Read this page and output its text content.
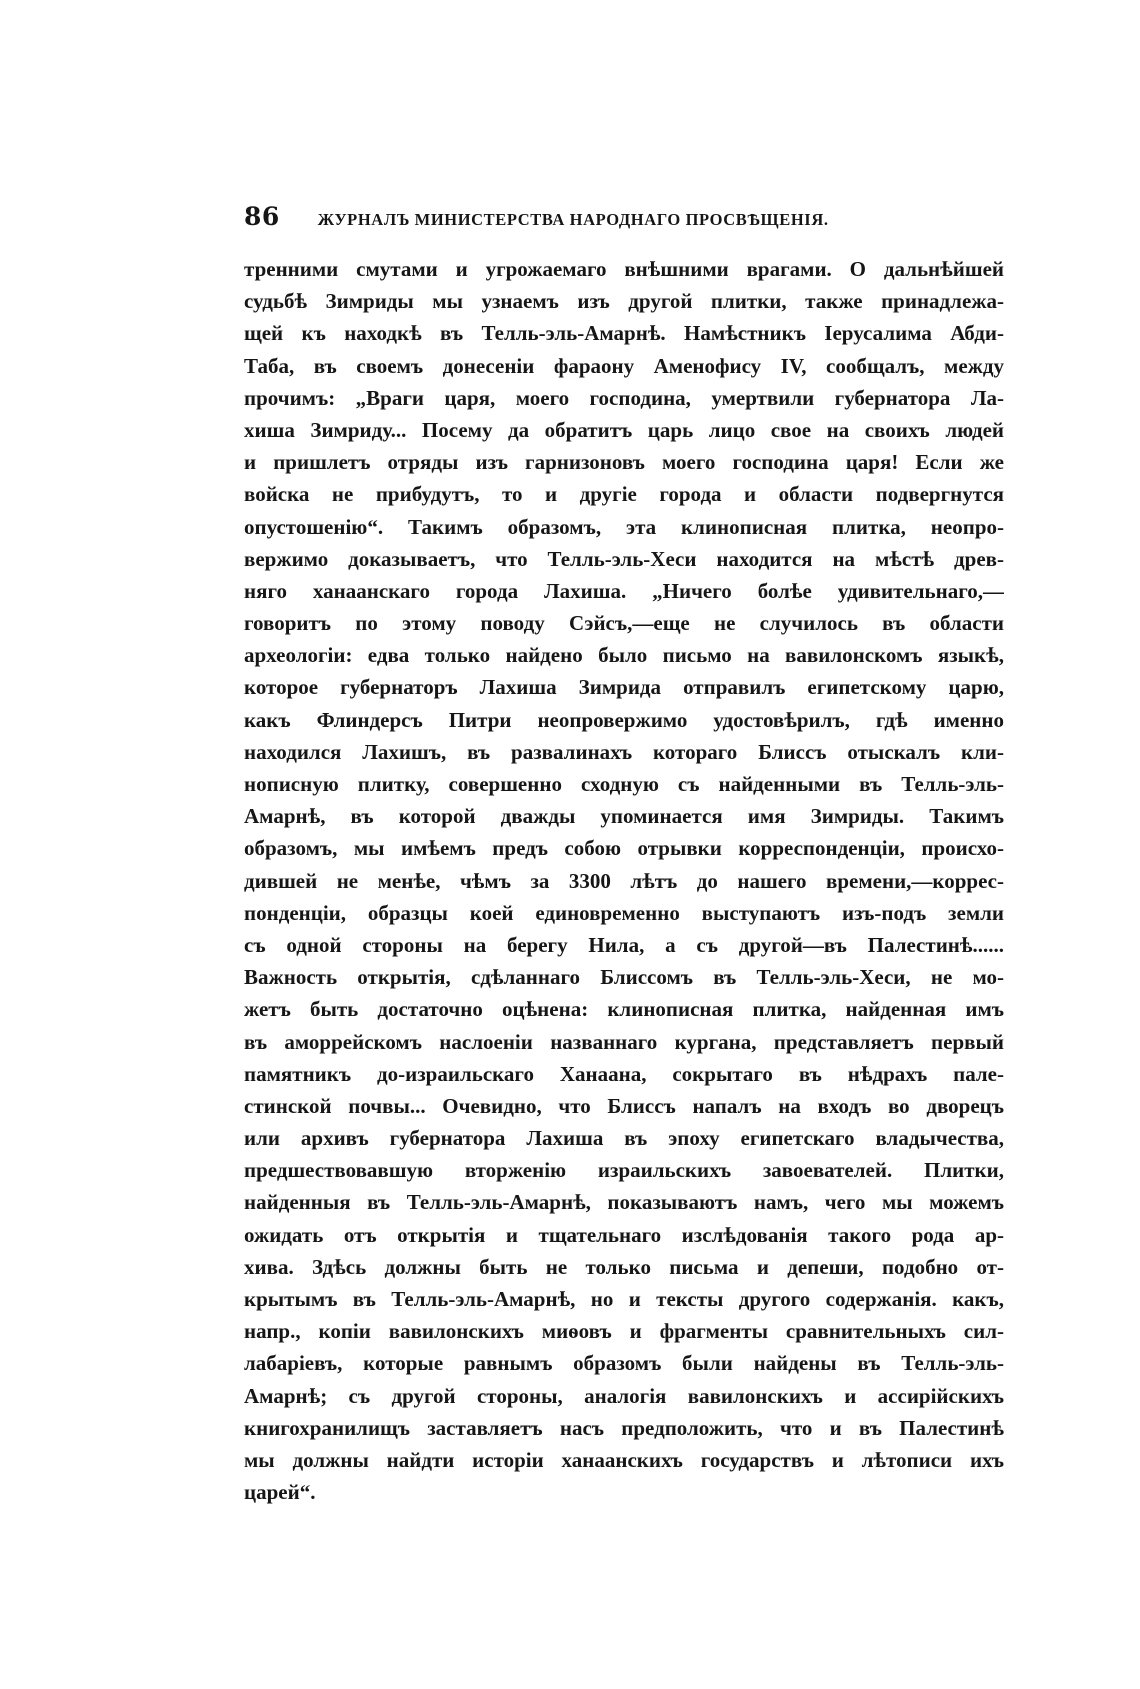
86 ЖУРНАЛЪ МИНИСТЕРСТВА НАРОДНАГО ПРОСВѢЩЕНІЯ.
тренними смутами и угрожаемаго внѣшними врагами. О дальнѣйшей
судьбѣ Зимриды мы узнаемъ изъ другой плитки, также принадлежа-
щей къ находкѣ въ Телль-эль-Амарнѣ. Намѣстникъ Іерусалима Абди-
Таба, въ своемъ донесеніи фараону Аменофису IV, сообщалъ, между
прочимъ: „Враги царя, моего господина, умертвили губернатора Ла-
хиша Зимриду... Посему да обратитъ царь лицо свое на своихъ людей
и пришлетъ отряды изъ гарнизоновъ моего господина царя! Если же
войска не прибудутъ, то и другіе города и области подвергнутся
опустошенію“. Такимъ образомъ, эта клинописная плитка, неопро-
вержимо доказываетъ, что Телль-эль-Хеси находится на мѣстѣ древ-
няго ханаанскаго города Лахиша. „Ничего болѣе удивительнаго,—
говоритъ по этому поводу Сэйсъ,—еще не случилось въ области
археологіи: едва только найдено было письмо на вавилонскомъ языкѣ,
которое губернаторъ Лахиша Зимрида отправилъ египетскому царю,
какъ Флиндерсъ Питри неопровержимо удостовѣрилъ, гдѣ именно
находился Лахишъ, въ развалинахъ котораго Блиссъ отыскалъ кли-
нописную плитку, совершенно сходную съ найденными въ Телль-эль-
Амарнѣ, въ которой дважды упоминается имя Зимриды. Такимъ
образомъ, мы имѣемъ предъ собою отрывки корреспонденціи, происхо-
дившей не менѣе, чѣмъ за 3300 лѣтъ до нашего времени,—коррес-
понденціи, образцы коей единовременно выступаютъ изъ-подъ земли
съ одной стороны на берегу Нила, а съ другой—въ Палестинѣ......
Важность открытія, сдѣланнаго Блиссомъ въ Телль-эль-Хеси, не мо-
жетъ быть достаточно оцѣнена: клинописная плитка, найденная имъ
въ аморрейскомъ наслоеніи названнаго кургана, представляетъ первый
памятникъ до-израильскаго Ханаана, сокрытаго въ нѣдрахъ пале-
стинской почвы... Очевидно, что Блиссъ напалъ на входъ во дворецъ
или архивъ губернатора Лахиша въ эпоху египетскаго владычества,
предшествовавшую вторженію израильскихъ завоевателей. Плитки,
найденныя въ Телль-эль-Амарнѣ, показываютъ намъ, чего мы можемъ
ожидать отъ открытія и тщательнаго изслѣдованія такого рода ар-
хива. Здѣсь должны быть не только письма и депеши, подобно от-
крытымъ въ Телль-эль-Амарнѣ, но и тексты другого содержанія. какъ,
напр., копіи вавилонскихъ миѳовъ и фрагменты сравнительныхъ сил-
лабаріевъ, которые равнымъ образомъ были найдены въ Телль-эль-
Амарнѣ; съ другой стороны, аналогія вавилонскихъ и ассирійскихъ
книгохранилищъ заставляетъ насъ предположить, что и въ Палестинѣ
мы должны найдти исторіи ханаанскихъ государствъ и лѣтописи ихъ
царей“.
